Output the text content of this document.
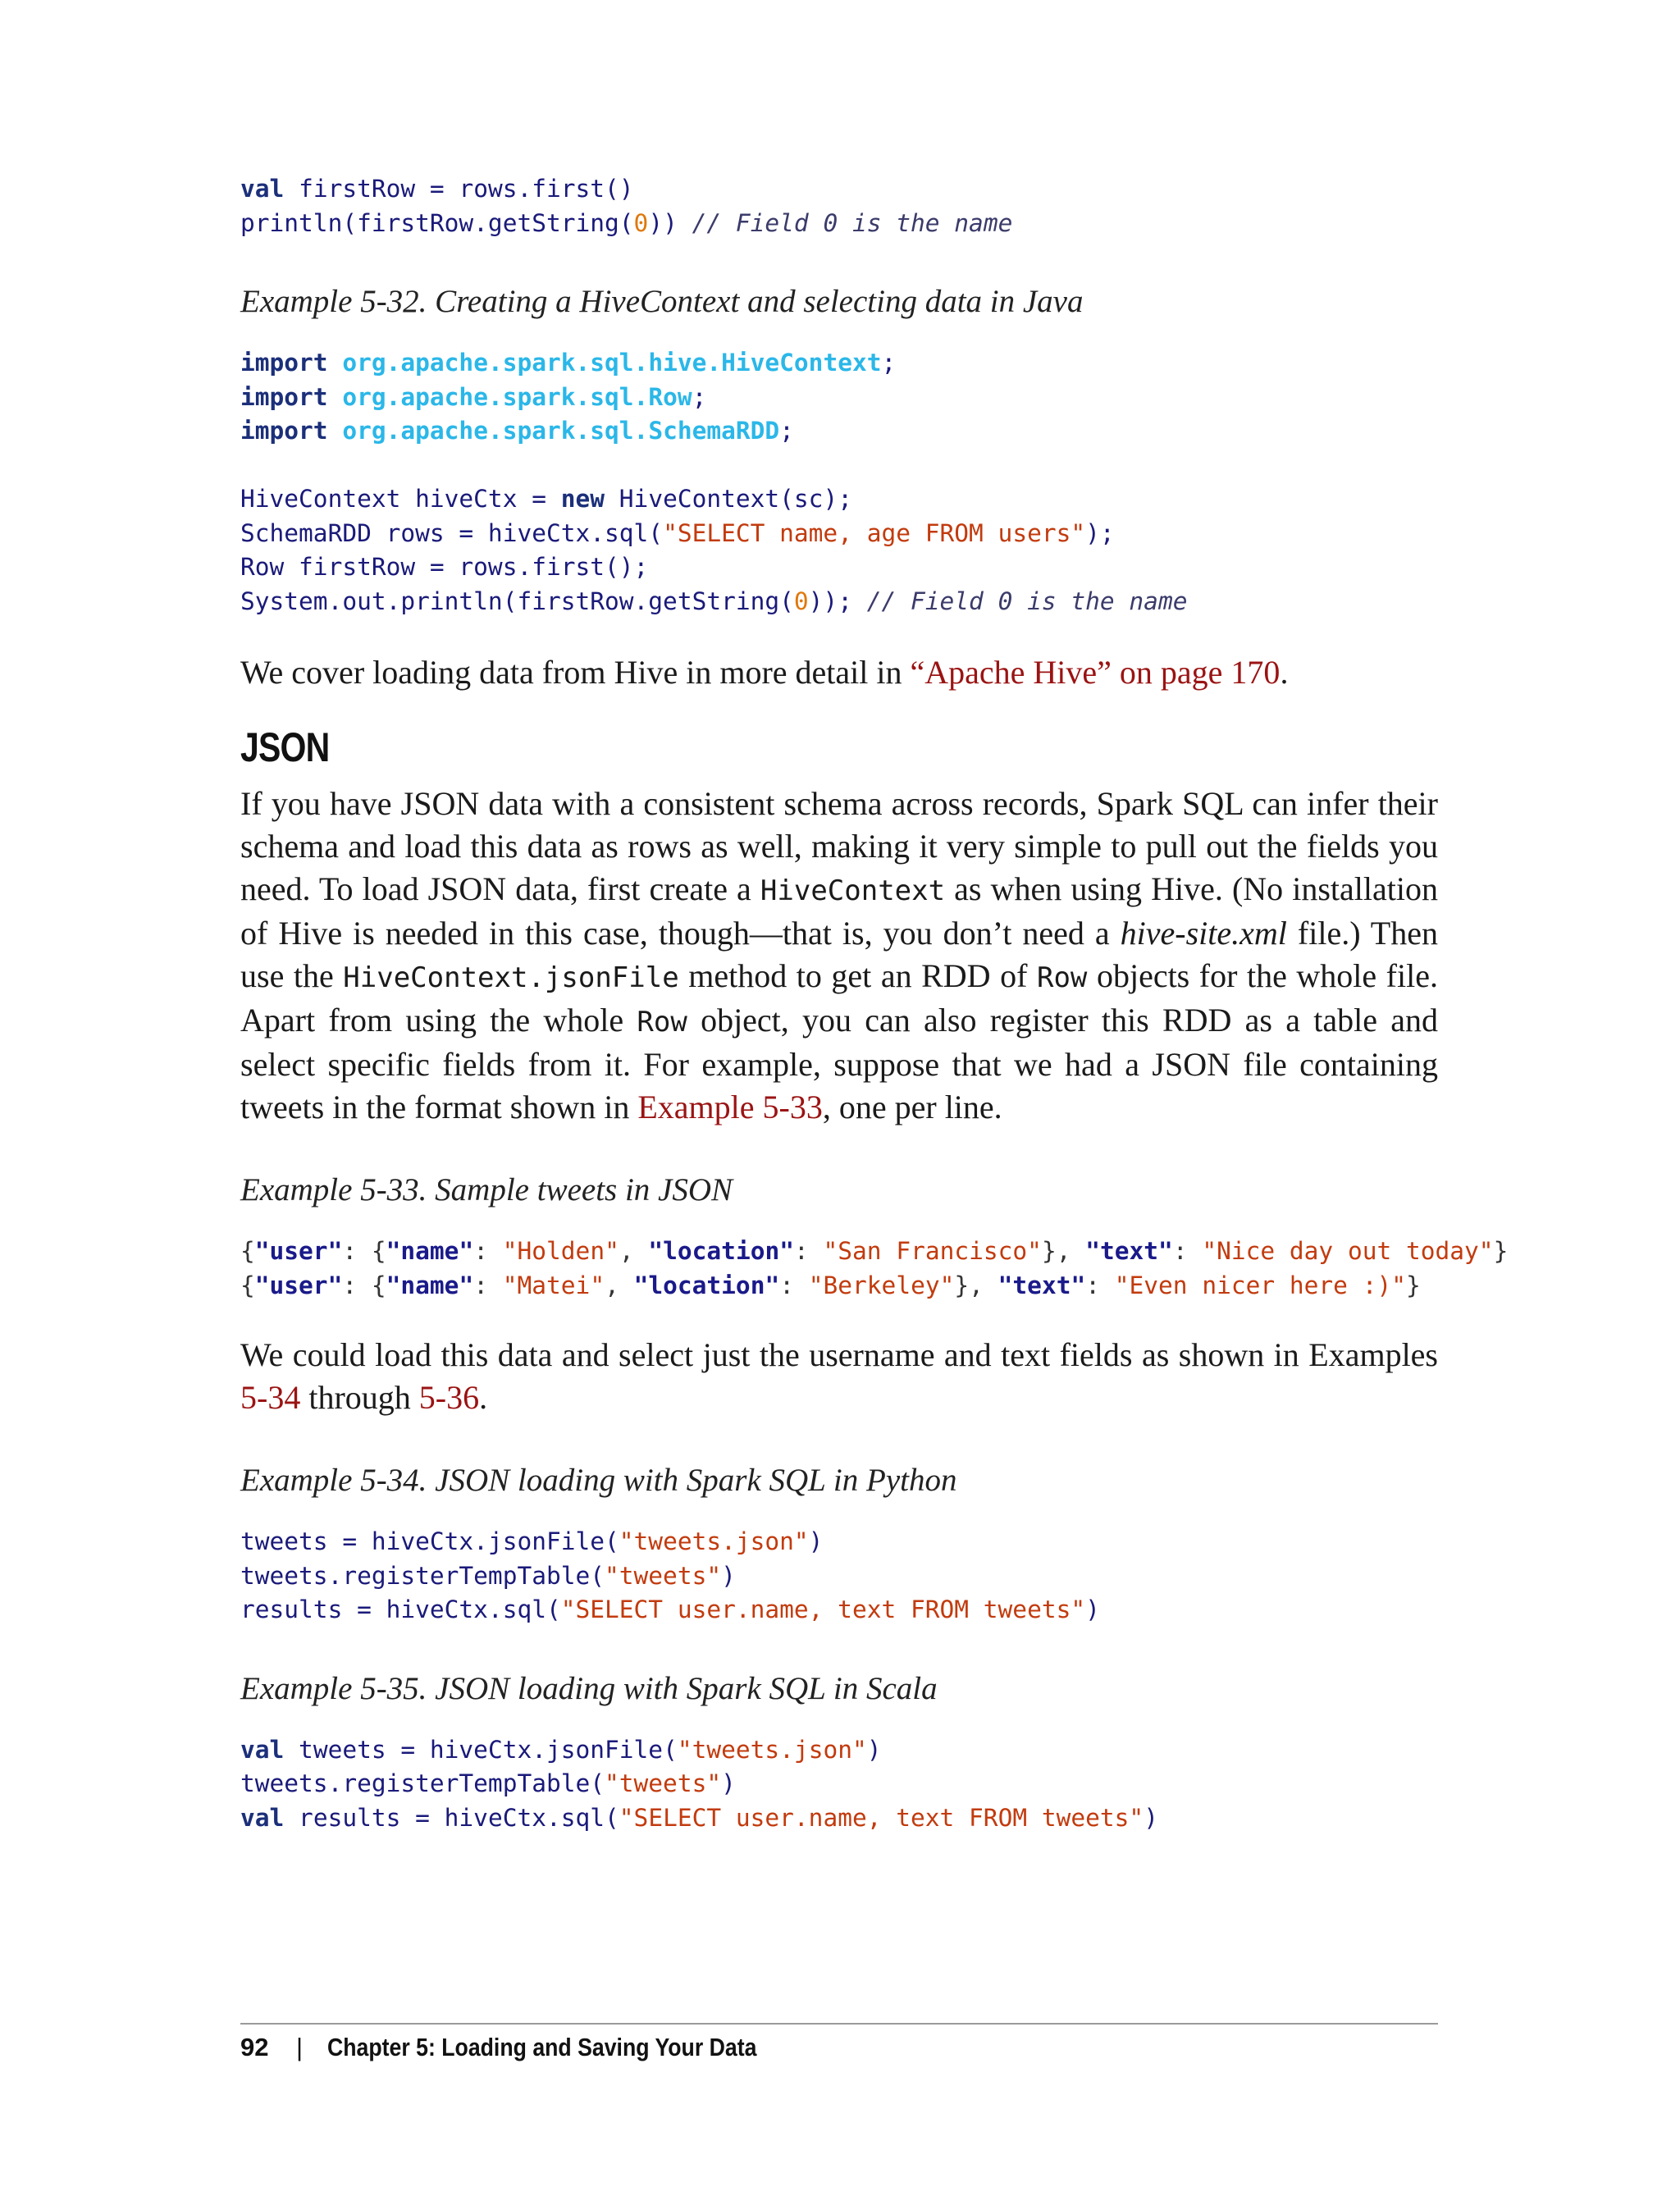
val firstRow = rows.first()
println(firstRow.getString(0)) // Field 0 is the name

Example 5-32. Creating a HiveContext and selecting data in Java

import org.apache.spark.sql.hive.HiveContext;
import org.apache.spark.sql.Row;
import org.apache.spark.sql.SchemaRDD;

HiveContext hiveCtx = new HiveContext(sc);
SchemaRDD rows = hiveCtx.sql("SELECT name, age FROM users");
Row firstRow = rows.first();
System.out.println(firstRow.getString(0)); // Field 0 is the name

We cover loading data from Hive in more detail in “Apache Hive” on page 170.

JSON

If you have JSON data with a consistent schema across records, Spark SQL can infer their schema and load this data as rows as well, making it very simple to pull out the fields you need. To load JSON data, first create a HiveContext as when using Hive. (No installation of Hive is needed in this case, though—that is, you don’t need a hive-site.xml file.) Then use the HiveContext.jsonFile method to get an RDD of Row objects for the whole file. Apart from using the whole Row object, you can also register this RDD as a table and select specific fields from it. For example, suppose that we had a JSON file containing tweets in the format shown in Example 5-33, one per line.

Example 5-33. Sample tweets in JSON

{"user": {"name": "Holden", "location": "San Francisco"}, "text": "Nice day out today"}
{"user": {"name": "Matei", "location": "Berkeley"}, "text": "Even nicer here :)"}

We could load this data and select just the username and text fields as shown in Examples 5-34 through 5-36.

Example 5-34. JSON loading with Spark SQL in Python

tweets = hiveCtx.jsonFile("tweets.json")
tweets.registerTempTable("tweets")
results = hiveCtx.sql("SELECT user.name, text FROM tweets")

Example 5-35. JSON loading with Spark SQL in Scala

val tweets = hiveCtx.jsonFile("tweets.json")
tweets.registerTempTable("tweets")
val results = hiveCtx.sql("SELECT user.name, text FROM tweets")
92	| Chapter 5: Loading and Saving Your Data
